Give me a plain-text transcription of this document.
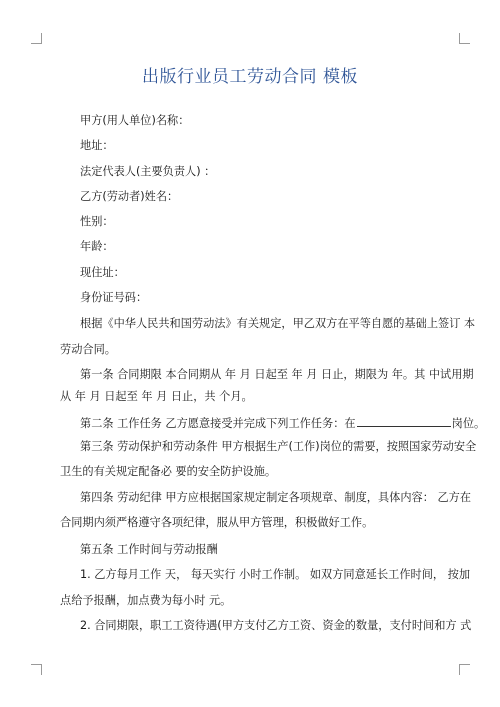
出版行业员工劳动合同 模板
甲方(用人单位)名称：
地址：
法定代表人(主要负责人) ：
乙方(劳动者)姓名：
性别：
年龄：
现住址：
身份证号码：
根据《中华人民共和国劳动法》有关规定，甲乙双方在平等自愿的基础上签订 本
劳动合同。
第一条 合同期限 本合同期从 年 月 日起至 年 月 日止，期限为 年。其 中试用期
从 年 月 日起至 年 月 日止，共 个月。
第二条 工作任务 乙方愿意接受并完成下列工作任务：在	岗位。
第三条 劳动保护和劳动条件 甲方根据生产(工作)岗位的需要，按照国家劳动安全
卫生的有关规定配备必 要的安全防护设施。
第四条 劳动纪律 甲方应根据国家规定制定各项规章、制度，具体内容： 乙方在
合同期内须严格遵守各项纪律，服从甲方管理，积极做好工作。
第五条 工作时间与劳动报酬
1. 乙方每月工作 天， 每天实行 小时工作制。 如双方同意延长工作时间， 按加
点给予报酬，加点费为每小时 元。
2. 合同期限，职工工资待遇(甲方支付乙方工资、资金的数量，支付时间和方 式
